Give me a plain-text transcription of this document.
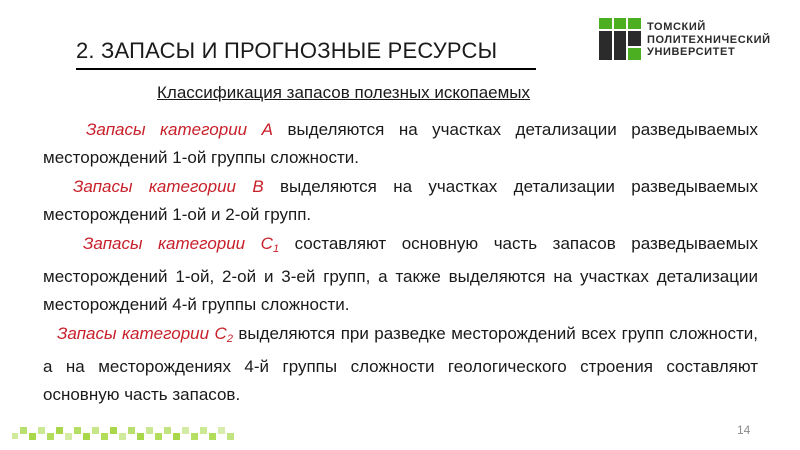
2. ЗАПАСЫ И ПРОГНОЗНЫЕ РЕСУРСЫ
ТОМСКИЙ
ПОЛИТЕХНИЧЕСКИЙ
УНИВЕРСИТЕТ
Классификация запасов полезных ископаемых

Запасы категории А выделяются на участках детализации разведываемых месторождений 1-ой группы сложности.

Запасы категории В выделяются на участках детализации разведываемых месторождений 1-ой и 2-ой групп.

Запасы категории $С_1$ составляют основную часть запасов разведываемых месторождений 1-ой, 2-ой и 3-ей групп, а также выделяются на участках детализации месторождений 4-й группы сложности.

Запасы категории $С_2$ выделяются при разведке месторождений всех групп сложности, а на месторождениях 4-й группы сложности геологического строения составляют основную часть запасов.

14
